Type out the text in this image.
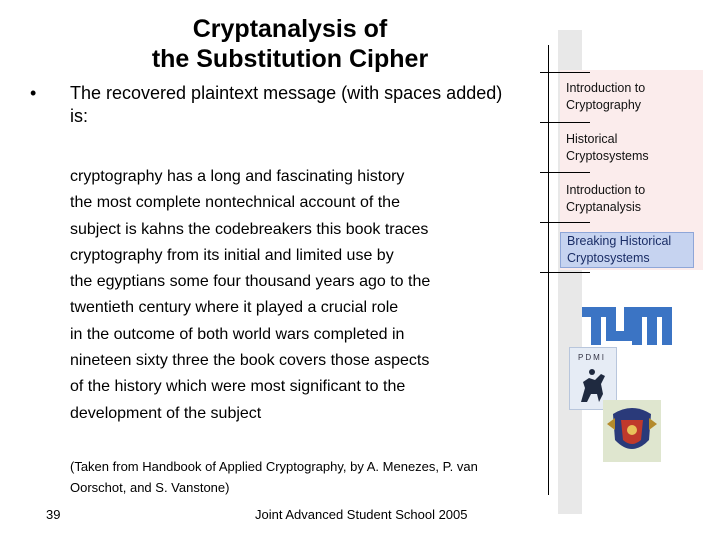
Cryptanalysis of
the Substitution Cipher
•	The recovered plaintext message (with spaces added) is:
cryptography has a long and fascinating history
the most complete nontechnical account of the
subject is kahns the codebreakers this book traces
cryptography from its initial and limited use by
the egyptians some four thousand years ago to the
twentieth century where it played a crucial role
in the outcome of both world wars completed in
nineteen sixty three the book covers those aspects
of the history which were most significant to the
development of the subject
(Taken from Handbook of Applied Cryptography, by A. Menezes, P. van
Oorschot, and S. Vanstone)
39	Joint Advanced Student School 2005
Introduction to
Cryptography
Historical
Cryptosystems
Introduction to
Cryptanalysis
Breaking Historical
Cryptosystems
PDMI
